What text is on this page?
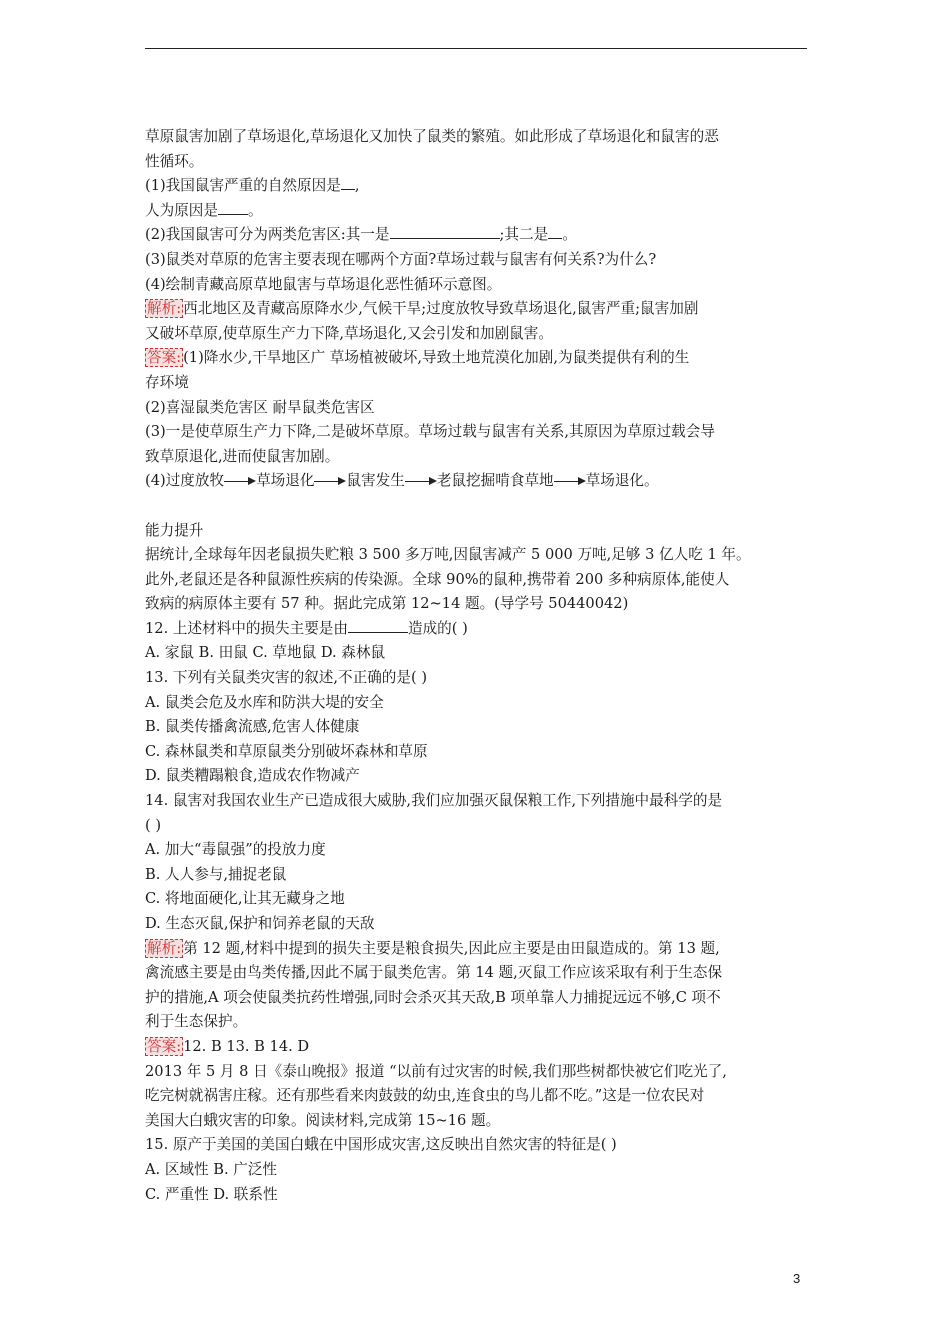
草原鼠害加剧了草场退化,草场退化又加快了鼠类的繁殖。如此形成了草场退化和鼠害的恶
性循环。
(1)我国鼠害严重的自然原因是 ,
人为原因是 。
(2)我国鼠害可分为两类危害区:其一是	;其二是 。
(3)鼠类对草原的危害主要表现在哪两个方面?草场过载与鼠害有何关系?为什么?
(4)绘制青藏高原草地鼠害与草场退化恶性循环示意图。
解析: 西北地区及青藏高原降水少,气候干旱;过度放牧导致草场退化,鼠害严重;鼠害加剧
又破坏草原,使草原生产力下降,草场退化,又会引发和加剧鼠害。
答案: (1)降水少,干旱地区广 草场植被破坏,导致土地荒漠化加剧,为鼠类提供有利的生
存环境
(2)喜湿鼠类危害区 耐旱鼠类危害区
(3)一是使草原生产力下降,二是破坏草原。草场过载与鼠害有关系,其原因为草原过载会导
致草原退化,进而使鼠害加剧。
(4)过度放牧 草场退化 鼠害发生 老鼠挖掘啃食草地 草场退化。
能力提升
据统计,全球每年因老鼠损失贮粮 3 500 多万吨,因鼠害减产 5 000 万吨,足够 3 亿人吃 1 年。
此外,老鼠还是各种鼠源性疾病的传染源。全球 90%的鼠种,携带着 200 多种病原体,能使人
致病的病原体主要有 57 种。据此完成第 12~14 题。(导学号 50440042)
12. 上述材料中的损失主要是由	造成的( )
A. 家鼠 B. 田鼠 C. 草地鼠 D. 森林鼠
13. 下列有关鼠类灾害的叙述,不正确的是( )
A. 鼠类会危及水库和防洪大堤的安全
B. 鼠类传播禽流感,危害人体健康
C. 森林鼠类和草原鼠类分别破坏森林和草原
D. 鼠类糟蹋粮食,造成农作物减产
14. 鼠害对我国农业生产已造成很大威胁,我们应加强灭鼠保粮工作,下列措施中最科学的是
( )
A. 加大“毒鼠强”的投放力度
B. 人人参与,捕捉老鼠
C. 将地面硬化,让其无藏身之地
D. 生态灭鼠,保护和饲养老鼠的天敌
解析: 第 12 题,材料中提到的损失主要是粮食损失,因此应主要是由田鼠造成的。第 13 题,
禽流感主要是由鸟类传播,因此不属于鼠类危害。第 14 题,灭鼠工作应该采取有利于生态保
护的措施,A 项会使鼠类抗药性增强,同时会杀灭其天敌,B 项单靠人力捕捉远远不够,C 项不
利于生态保护。
答案: 12. B 13. B 14. D
2013 年 5 月 8 日《泰山晚报》报道 “以前有过灾害的时候,我们那些树都快被它们吃光了,
吃完树就祸害庄稼。还有那些看来肉鼓鼓的幼虫,连食虫的鸟儿都不吃。”这是一位农民对
美国大白蛾灾害的印象。阅读材料,完成第 15~16 题。
15. 原产于美国的美国白蛾在中国形成灾害,这反映出自然灾害的特征是( )
A. 区域性 B. 广泛性
C. 严重性 D. 联系性
3
